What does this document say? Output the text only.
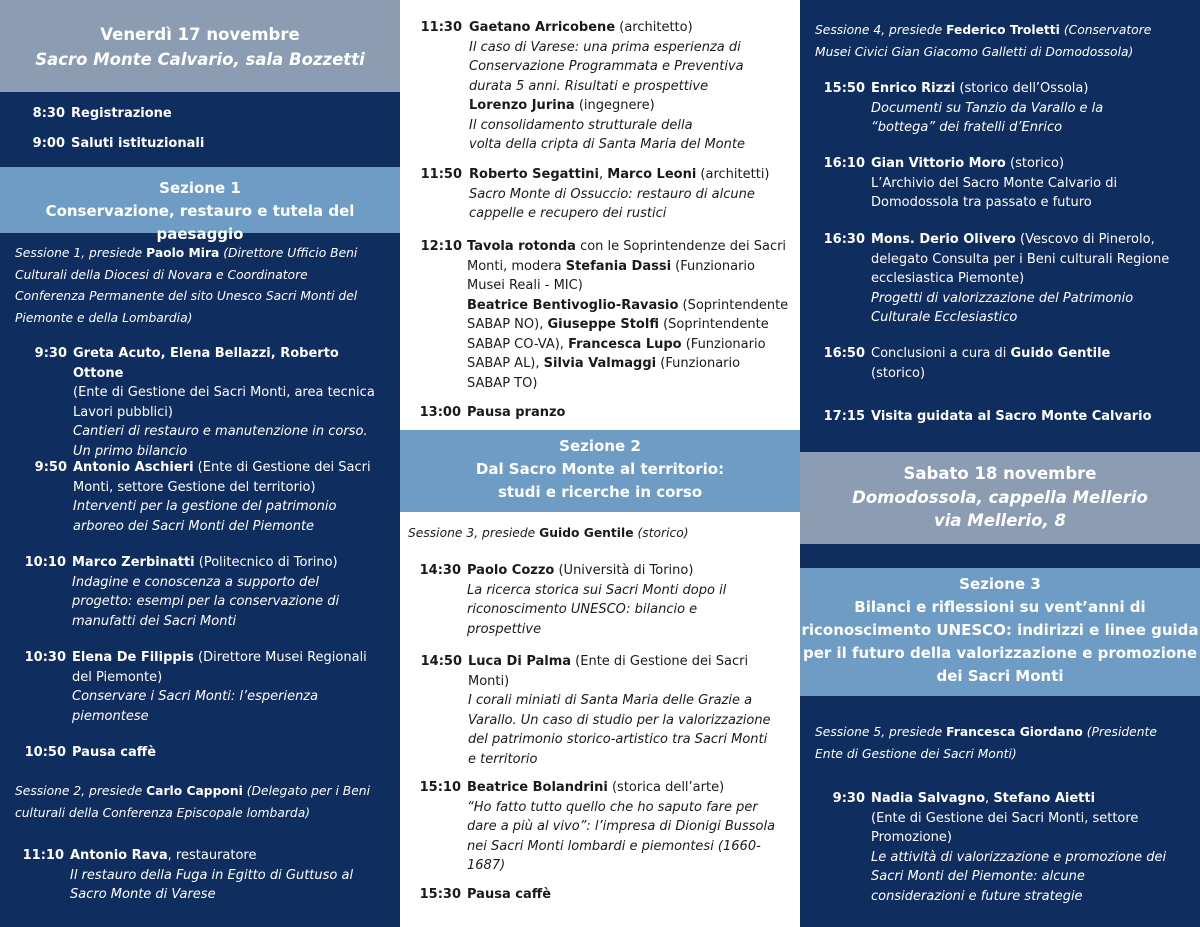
Venerdì 17 novembre
Sacro Monte Calvario, sala Bozzetti
8:30 Registrazione
9:00 Saluti istituzionali
Sezione 1
Conservazione, restauro e tutela del paesaggio
Sessione 1, presiede Paolo Mira (Direttore Ufficio Beni
Culturali della Diocesi di Novara e Coordinatore
Conferenza Permanente del sito Unesco Sacri Monti del
Piemonte e della Lombardia)
9:30 Greta Acuto, Elena Bellazzi, Roberto Ottone
(Ente di Gestione dei Sacri Monti, area tecnica
Lavori pubblici)
Cantieri di restauro e manutenzione in corso.
Un primo bilancio
9:50 Antonio Aschieri (Ente di Gestione dei Sacri
Monti, settore Gestione del territorio)
Interventi per la gestione del patrimonio
arboreo dei Sacri Monti del Piemonte
10:10 Marco Zerbinatti (Politecnico di Torino)
Indagine e conoscenza a supporto del
progetto: esempi per la conservazione di
manufatti dei Sacri Monti
10:30 Elena De Filippis (Direttore Musei Regionali
del Piemonte)
Conservare i Sacri Monti: l’esperienza
piemontese
10:50 Pausa caffè
Sessione 2, presiede Carlo Capponi (Delegato per i Beni
culturali della Conferenza Episcopale lombarda)
11:10 Antonio Rava, restauratore
Il restauro della Fuga in Egitto di Guttuso al
Sacro Monte di Varese
11:30 Gaetano Arricobene (architetto)
Il caso di Varese: una prima esperienza di
Conservazione Programmata e Preventiva
durata 5 anni. Risultati e prospettive
Lorenzo Jurina (ingegnere)
Il consolidamento strutturale della
volta della cripta di Santa Maria del Monte
11:50 Roberto Segattini, Marco Leoni (architetti)
Sacro Monte di Ossuccio: restauro di alcune
cappelle e recupero dei rustici
12:10 Tavola rotonda con le Soprintendenze dei Sacri
Monti, modera Stefania Dassi (Funzionario
Musei Reali - MIC)
Beatrice Bentivoglio-Ravasio (Soprintendente
SABAP NO), Giuseppe Stolfi (Soprintendente
SABAP CO-VA), Francesca Lupo (Funzionario
SABAP AL), Silvia Valmaggi (Funzionario
SABAP TO)
13:00 Pausa pranzo
Sezione 2
Dal Sacro Monte al territorio:
studi e ricerche in corso
Sessione 3, presiede Guido Gentile (storico)
14:30 Paolo Cozzo (Università di Torino)
La ricerca storica sui Sacri Monti dopo il
riconoscimento UNESCO: bilancio e
prospettive
14:50 Luca Di Palma (Ente di Gestione dei Sacri
Monti)
I corali miniati di Santa Maria delle Grazie a
Varallo. Un caso di studio per la valorizzazione
del patrimonio storico-artistico tra Sacri Monti
e territorio
15:10 Beatrice Bolandrini (storica dell’arte)
“Ho fatto tutto quello che ho saputo fare per
dare a più al vivo”: l’impresa di Dionigi Bussola
nei Sacri Monti lombardi e piemontesi (1660-
1687)
15:30 Pausa caffè
Sessione 4, presiede Federico Troletti (Conservatore
Musei Civici Gian Giacomo Galletti di Domodossola)
15:50 Enrico Rizzi (storico dell’Ossola)
Documenti su Tanzio da Varallo e la
“bottega” dei fratelli d’Enrico
16:10 Gian Vittorio Moro (storico)
L’Archivio del Sacro Monte Calvario di
Domodossola tra passato e futuro
16:30 Mons. Derio Olivero (Vescovo di Pinerolo,
delegato Consulta per i Beni culturali Regione
ecclesiastica Piemonte)
Progetti di valorizzazione del Patrimonio
Culturale Ecclesiastico
16:50 Conclusioni a cura di Guido Gentile
(storico)
17:15 Visita guidata al Sacro Monte Calvario
Sabato 18 novembre
Domodossola, cappella Mellerio
via Mellerio, 8
Sezione 3
Bilanci e riflessioni su vent’anni di
riconoscimento UNESCO: indirizzi e linee guida
per il futuro della valorizzazione e promozione
dei Sacri Monti
Sessione 5, presiede Francesca Giordano (Presidente
Ente di Gestione dei Sacri Monti)
9:30 Nadia Salvagno, Stefano Aietti
(Ente di Gestione dei Sacri Monti, settore
Promozione)
Le attività di valorizzazione e promozione dei
Sacri Monti del Piemonte: alcune
considerazioni e future strategie
